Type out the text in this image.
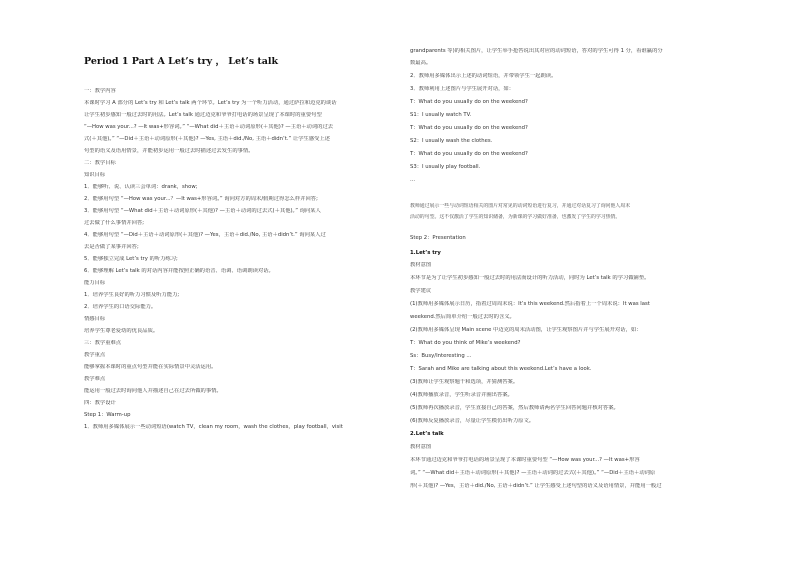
Period 1 Part A Let’s try ， Let’s talk
一：教学内容
本课时学习 A 部分的 Let’s try 和 Let’s talk 两个环节。Let’s try 为一个听力活动，通过萨拉和迈克的谈话
让学生初步感知一般过去时的用法。Let’s talk 通过迈克和爷爷打电话的场景呈现了本课时的重要句型
“—How was your...? —It was+形容词。” “—What did＋主语＋动词原形(＋其他)? —主语＋动词的过去
式(＋其他)。” “—Did＋主语＋动词原形(＋其他)? —Yes, 主语＋did./No, 主语＋didn’t.” 让学生感受上述
句型的语义及语用情景，并能初步运用一般过去时描述过去发生的事情。
二：教学目标
知识目标
1．能够听、说、认读三会单词：drank，show;
2．能够用句型 “—How was your...？—It was+形容词。” 询问对方的周末/假期过得怎么样并回答;
3．能够用句型 “—What did＋主语＋动词原形(＋其他)? —主语＋动词的过去式(＋其他)。” 询问某人
过去做了什么事情并回答;
4．能够用句型 “—Did＋主语＋动词原形(＋其他)? —Yes，主语＋did./No, 主语＋didn’t.” 询问某人过
去是否做了某事并回答;
5．能够独立完成 Let’s try 的听力练习;
6．能够理解 Let’s talk 的对话内容并能按照正确的语音、语调、语调朗读对话。
能力目标
1．培养学生良好的听力习惯及听力能力;
2．培养学生的口语交际能力。
情感目标
培养学生尊老爱幼的优良品质。
三：教学重难点
教学重点
能够掌握本课时的重点句型并能在实际情景中灵活运用。
教学难点
能运用一般过去时询问他人并描述自己在过去所做的事情。
四：教学设计
Step 1：Warm-up
1．教师用多媒体展示一些动词短语(watch TV，clean my room，wash the clothes，play football，visit
grandparents 等)的相关图片，让学生举手抢答说出其对应的动词短语，答对的学生可得 1 分，看谁赢的分
数最高。
2．教师用多媒体出示上述的动词短语，并带领学生一起朗读。
3．教师利用上述图片与学生展开对话，如：
T：What do you usually do on the weekend?
S1：I usually watch TV.
T：What do you usually do on the weekend?
S2：I usually wash the clothes.
T：What do you usually do on the weekend?
S3：I usually play football.
...
教师通过展示一些与动词短语相关的图片对常见的动词短语进行复习，并通过对话复习了询问他人周末
活动的句型。这不仅激活了学生的知识储备，为新课的学习做好准备，也激发了学生的学习热情。
Step 2：Presentation
1.Let’s try
教材意图
本环节是为了让学生初步感知一般过去时的用法而设计的听力活动，同时为 Let’s talk 的学习做铺垫。
教学建议
(1)教师用多媒体展示日历，指着过周周末说：It’s this weekend.然后指着上一个周末说：It was last
weekend.然后简单介绍一般过去时的含义。
(2)教师用多媒体呈现 Main scene 中迈克的周末活动图，让学生观察图片并与学生展开对话，如：
T：What do you think of Mike’s weekend?
Ss：Busy/Interesting ...
T：Sarah and Mike are talking about this weekend.Let’s have a look.
(3)教师让学生观察题干和选项，并猜测答案。
(4)教师播放录音，学生听录音并圈出答案。
(5)教师再次播放录音，学生直接自己的答案，然后教师请两名学生回答问题并核对答案。
(6)教师反复播放录音，尽量让学生模仿出听力原文。
2.Let’s talk
教材意图
本环节通过迈克和爷爷打电话的场景呈现了本课时重要句型 “—How was your...? —It was+形容
词。” “—What did＋主语＋动词原形(＋其他)? —主语＋动词的过去式(＋其他)。” “—Did＋主语＋动词原
形(＋其他)? —Yes，主语＋did./No, 主语＋didn’t.” 让学生感受上述句型的语义及语用情景，并能用一般过
